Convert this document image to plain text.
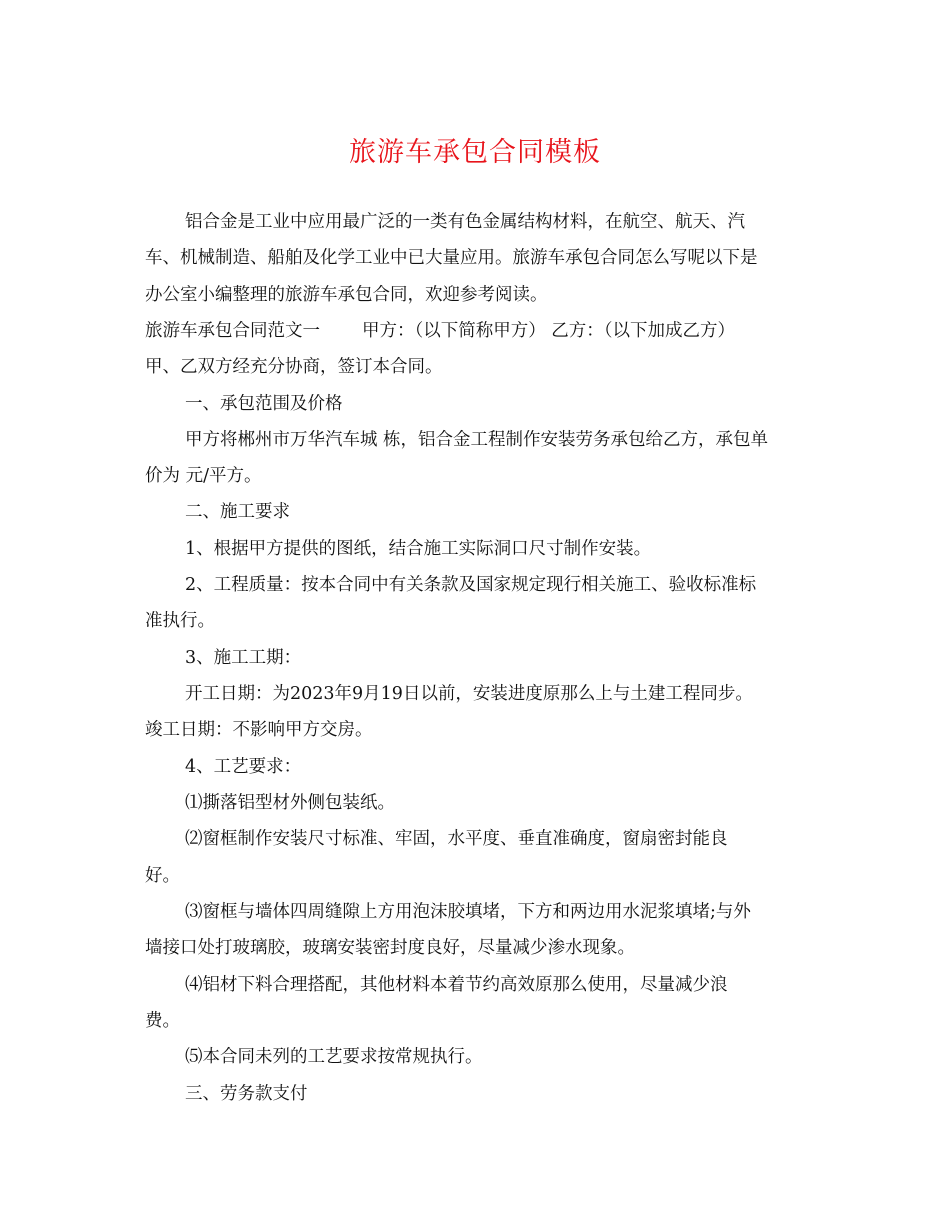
旅游车承包合同模板
铝合金是工业中应用最广泛的一类有色金属结构材料，在航空、航天、汽
车、机械制造、船舶及化学工业中已大量应用。旅游车承包合同怎么写呢以下是
办公室小编整理的旅游车承包合同，欢迎参考阅读。
旅游车承包合同范文一 甲方：（以下简称甲方） 乙方：（以下加成乙方）
甲、乙双方经充分协商，签订本合同。
一、承包范围及价格
甲方将郴州市万华汽车城 栋，铝合金工程制作安装劳务承包给乙方，承包单
价为 元/平方。
二、施工要求
1、根据甲方提供的图纸，结合施工实际洞口尺寸制作安装。
2、工程质量：按本合同中有关条款及国家规定现行相关施工、验收标准标
准执行。
3、施工工期：
开工日期：为2023年9月19日以前，安装进度原那么上与土建工程同步。
竣工日期：不影响甲方交房。
4、工艺要求：
⑴撕落铝型材外侧包装纸。
⑵窗框制作安装尺寸标准、牢固，水平度、垂直准确度，窗扇密封能良
好。
⑶窗框与墙体四周缝隙上方用泡沫胶填堵，下方和两边用水泥浆填堵;与外
墙接口处打玻璃胶，玻璃安装密封度良好，尽量减少渗水现象。
⑷铝材下料合理搭配，其他材料本着节约高效原那么使用，尽量减少浪
费。
⑸本合同未列的工艺要求按常规执行。
三、劳务款支付
